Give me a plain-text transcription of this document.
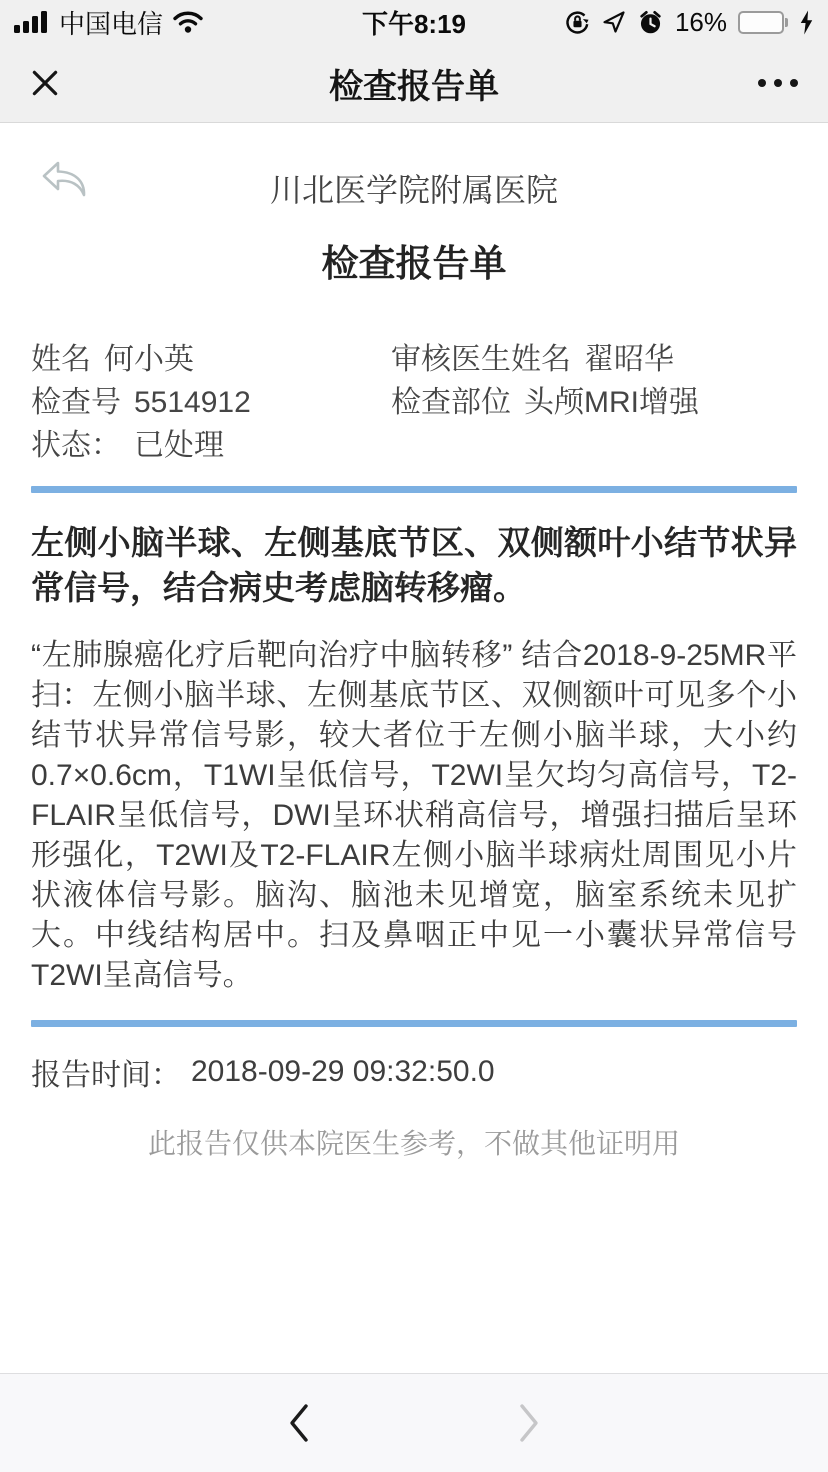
中国电信	下午8:19	16%
检查报告单
川北医学院附属医院
检查报告单
姓名 何小英	审核医生姓名 翟昭华
检查号 5514912	检查部位 头颅MRI增强
状态： 已处理
左侧小脑半球、左侧基底节区、双侧额叶小结节状异常信号，结合病史考虑脑转移瘤。
“左肺腺癌化疗后靶向治疗中脑转移” 结合2018-9-25MR平扫：左侧小脑半球、左侧基底节区、双侧额叶可见多个小结节状异常信号影，较大者位于左侧小脑半球，大小约0.7×0.6cm，T1WI呈低信号，T2WI呈欠均匀高信号，T2-FLAIR呈低信号，DWI呈环状稍高信号，增强扫描后呈环形强化，T2WI及T2-FLAIR左侧小脑半球病灶周围见小片状液体信号影。脑沟、脑池未见增宽，脑室系统未见扩大。中线结构居中。扫及鼻咽正中见一小囊状异常信号T2WI呈高信号。
报告时间： 2018-09-29 09:32:50.0
此报告仅供本院医生参考，不做其他证明用
